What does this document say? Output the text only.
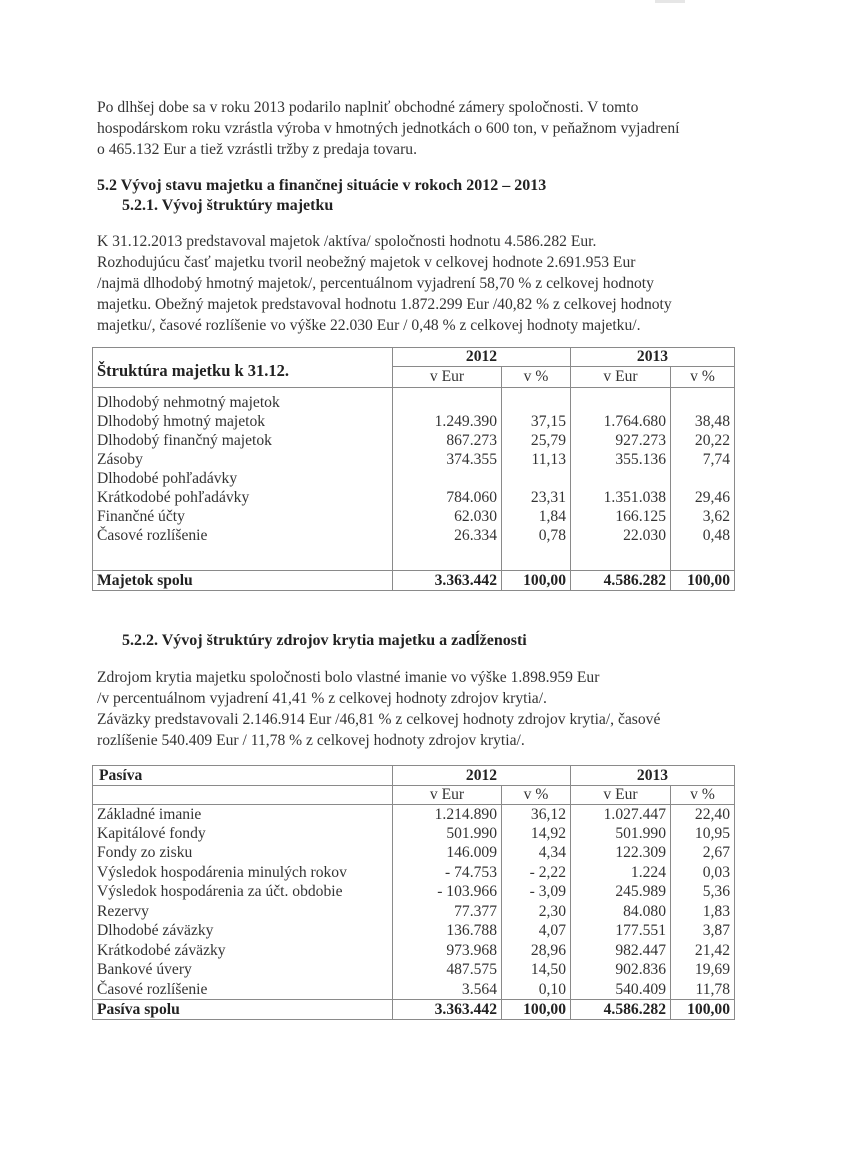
Po dlhšej dobe sa v roku 2013 podarilo naplniť obchodné zámery spoločnosti. V tomto

hospodárskom roku vzrástla výroba v hmotných jednotkách o 600 ton, v peňažnom vyjadrení

o 465.132 Eur a tiež vzrástli tržby z predaja tovaru.

5.2 Vývoj stavu majetku a finančnej situácie v rokoch 2012 – 2013
5.2.1. Vývoj štruktúry majetku

K 31.12.2013 predstavoval majetok /aktíva/ spoločnosti hodnotu 4.586.282 Eur.

Rozhodujúcu časť majetku tvoril neobežný majetok v celkovej hodnote 2.691.953 Eur

/najmä dlhodobý hmotný majetok/, percentuálnom vyjadrení 58,70 % z celkovej hodnoty

majetku. Obežný majetok predstavoval hodnotu 1.872.299 Eur /40,82 % z celkovej hodnoty

majetku/, časové rozlíšenie vo výške 22.030 Eur / 0,48 % z celkovej hodnoty majetku/.

Štruktúra majetku k 31.12.	2012		2013	
	v Eur	v %	v Eur	v %

Dlhodobý nehmotný majetok				
Dlhodobý hmotný majetok	1.249.390	37,15	1.764.680	38,48
Dlhodobý finančný majetok	867.273	25,79	927.273	20,22
Zásoby	374.355	11,13	355.136	7,74
Dlhodobé pohľadávky				
Krátkodobé pohľadávky	784.060	23,31	1.351.038	29,46
Finančné účty	62.030	1,84	166.125	3,62
Časové rozlíšenie	26.334	0,78	22.030	0,48

Majetok spolu	3.363.442	100,00	4.586.282	100,00
5.2.2. Vývoj štruktúry zdrojov krytia majetku a zadĺženosti

Zdrojom krytia majetku spoločnosti bolo vlastné imanie vo výške 1.898.959 Eur

/v percentuálnom vyjadrení 41,41 % z celkovej hodnoty zdrojov krytia/.

Záväzky predstavovali 2.146.914 Eur /46,81 % z celkovej hodnoty zdrojov krytia/, časové

rozlíšenie 540.409 Eur / 11,78 % z celkovej hodnoty zdrojov krytia/.

Pasíva	2012		2013	
	v Eur	v %	v Eur	v %
Základné imanie	1.214.890	36,12	1.027.447	22,40
Kapitálové fondy	501.990	14,92	501.990	10,95
Fondy zo zisku	146.009	4,34	122.309	2,67
Výsledok hospodárenia minulých rokov	- 74.753	- 2,22	1.224	0,03
Výsledok hospodárenia za účt. obdobie	- 103.966	- 3,09	245.989	5,36
Rezervy	77.377	2,30	84.080	1,83
Dlhodobé záväzky	136.788	4,07	177.551	3,87
Krátkodobé záväzky	973.968	28,96	982.447	21,42
Bankové úvery	487.575	14,50	902.836	19,69
Časové rozlíšenie	3.564	0,10	540.409	11,78
Pasíva spolu	3.363.442	100,00	4.586.282	100,00
